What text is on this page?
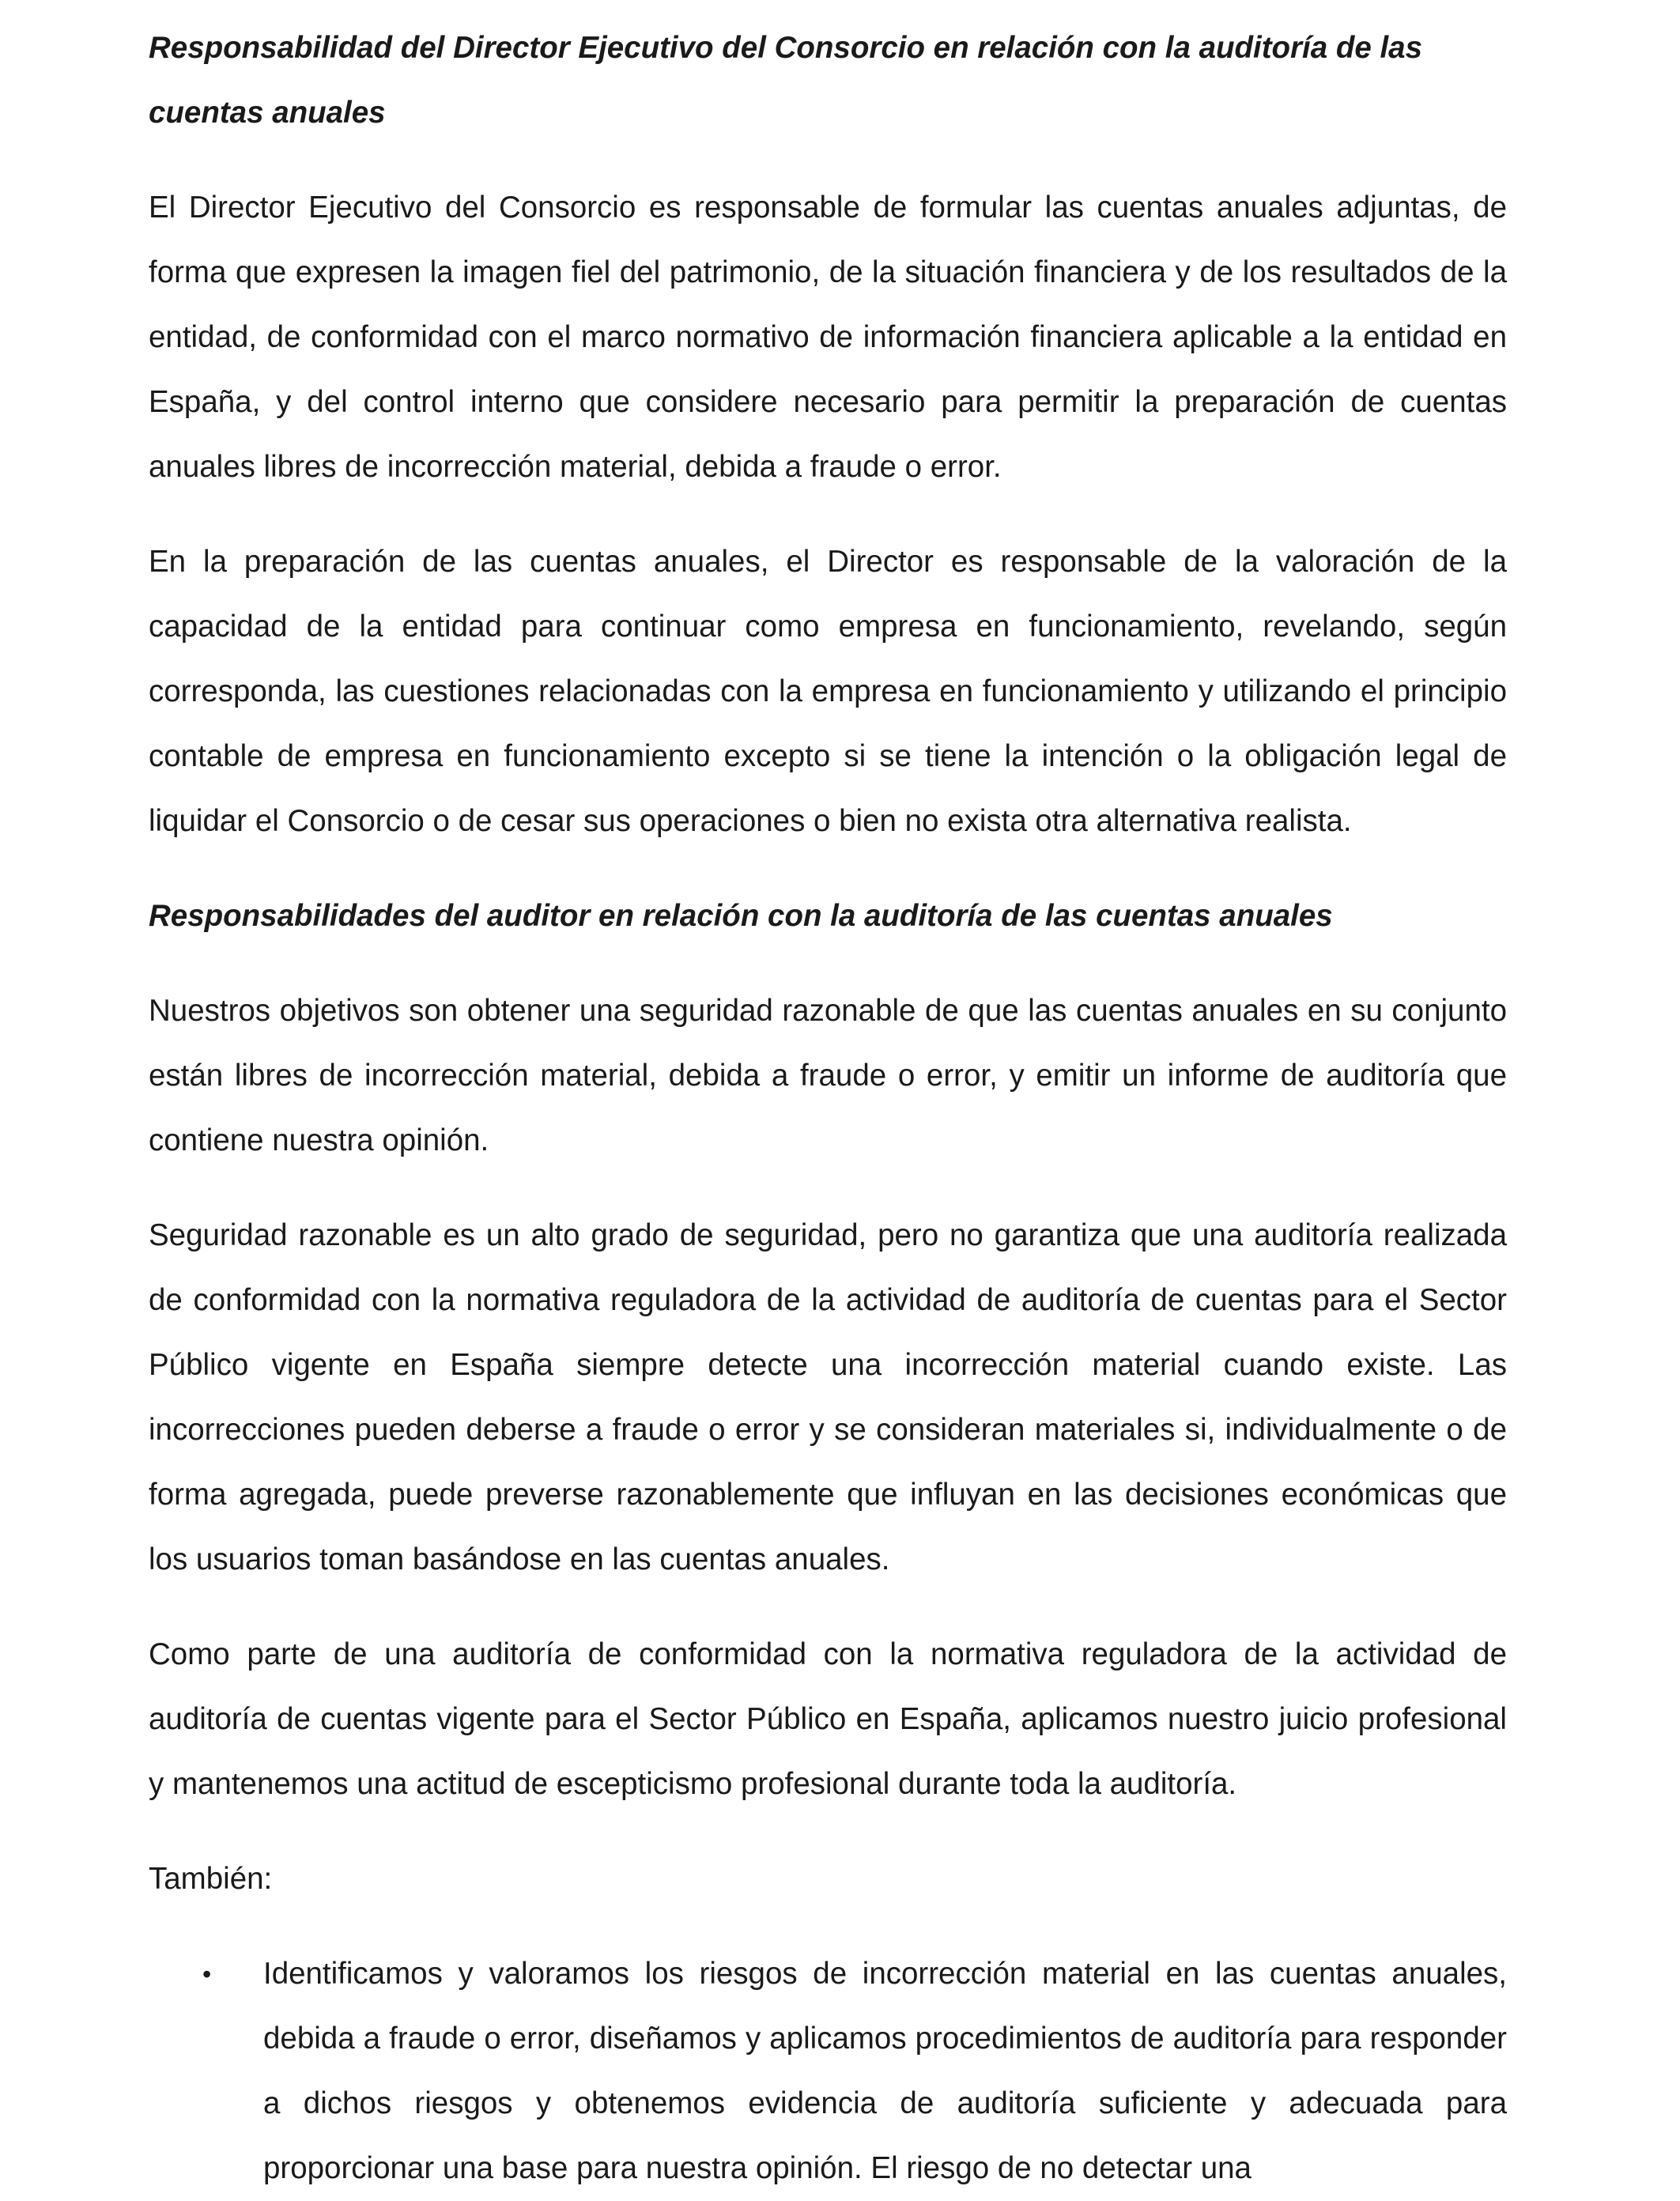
Responsabilidad del Director Ejecutivo del Consorcio en relación con la auditoría de las cuentas anuales

El Director Ejecutivo del Consorcio es responsable de formular las cuentas anuales adjuntas, de forma que expresen la imagen fiel del patrimonio, de la situación financiera y de los resultados de la entidad, de conformidad con el marco normativo de información financiera aplicable a la entidad en España, y del control interno que considere necesario para permitir la preparación de cuentas anuales libres de incorrección material, debida a fraude o error.

En la preparación de las cuentas anuales, el Director es responsable de la valoración de la capacidad de la entidad para continuar como empresa en funcionamiento, revelando, según corresponda, las cuestiones relacionadas con la empresa en funcionamiento y utilizando el principio contable de empresa en funcionamiento excepto si se tiene la intención o la obligación legal de liquidar el Consorcio o de cesar sus operaciones o bien no exista otra alternativa realista.

Responsabilidades del auditor en relación con la auditoría de las cuentas anuales

Nuestros objetivos son obtener una seguridad razonable de que las cuentas anuales en su conjunto están libres de incorrección material, debida a fraude o error, y emitir un informe de auditoría que contiene nuestra opinión.

Seguridad razonable es un alto grado de seguridad, pero no garantiza que una auditoría realizada de conformidad con la normativa reguladora de la actividad de auditoría de cuentas para el Sector Público vigente en España siempre detecte una incorrección material cuando existe. Las incorrecciones pueden deberse a fraude o error y se consideran materiales si, individualmente o de forma agregada, puede preverse razonablemente que influyan en las decisiones económicas que los usuarios toman basándose en las cuentas anuales.

Como parte de una auditoría de conformidad con la normativa reguladora de la actividad de auditoría de cuentas vigente para el Sector Público en España, aplicamos nuestro juicio profesional y mantenemos una actitud de escepticismo profesional durante toda la auditoría.

También:

• Identificamos y valoramos los riesgos de incorrección material en las cuentas anuales, debida a fraude o error, diseñamos y aplicamos procedimientos de auditoría para responder a dichos riesgos y obtenemos evidencia de auditoría suficiente y adecuada para proporcionar una base para nuestra opinión. El riesgo de no detectar una
